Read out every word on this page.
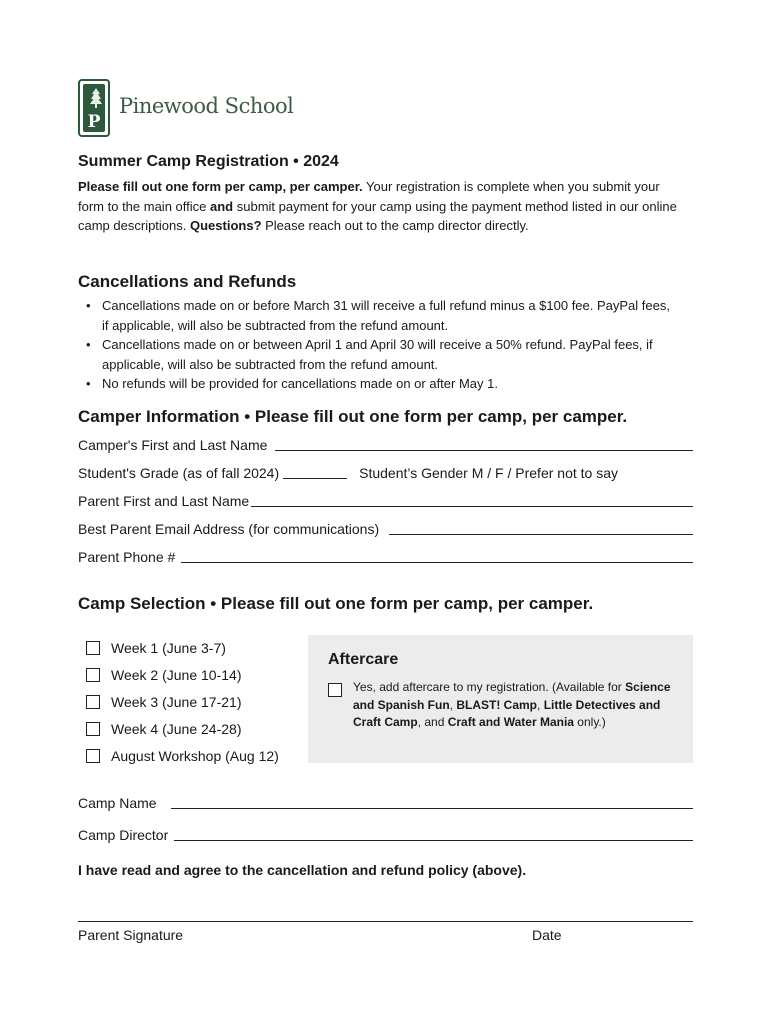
P
Pinewood School
Summer Camp Registration • 2024
Please fill out one form per camp, per camper. Your registration is complete when you submit your form to the main office and submit payment for your camp using the payment method listed in our online camp descriptions. Questions? Please reach out to the camp director directly.
Cancellations and Refunds
• Cancellations made on or before March 31 will receive a full refund minus a $100 fee. PayPal fees, if applicable, will also be subtracted from the refund amount.
• Cancellations made on or between April 1 and April 30 will receive a 50% refund. PayPal fees, if applicable, will also be subtracted from the refund amount.
• No refunds will be provided for cancellations made on or after May 1.
Camper Information • Please fill out one form per camp, per camper.
Camper's First and Last Name
Student's Grade (as of fall 2024)	Student’s Gender M / F / Prefer not to say
Parent First and Last Name
Best Parent Email Address (for communications)
Parent Phone #
Camp Selection • Please fill out one form per camp, per camper.
Week 1 (June 3-7)
Week 2 (June 10-14)
Week 3 (June 17-21)
Week 4 (June 24-28)
August Workshop (Aug 12)
Aftercare
Yes, add aftercare to my registration. (Available for Science and Spanish Fun, BLAST! Camp, Little Detectives and Craft Camp, and Craft and Water Mania only.)
Camp Name
Camp Director
I have read and agree to the cancellation and refund policy (above).
Parent Signature	Date
